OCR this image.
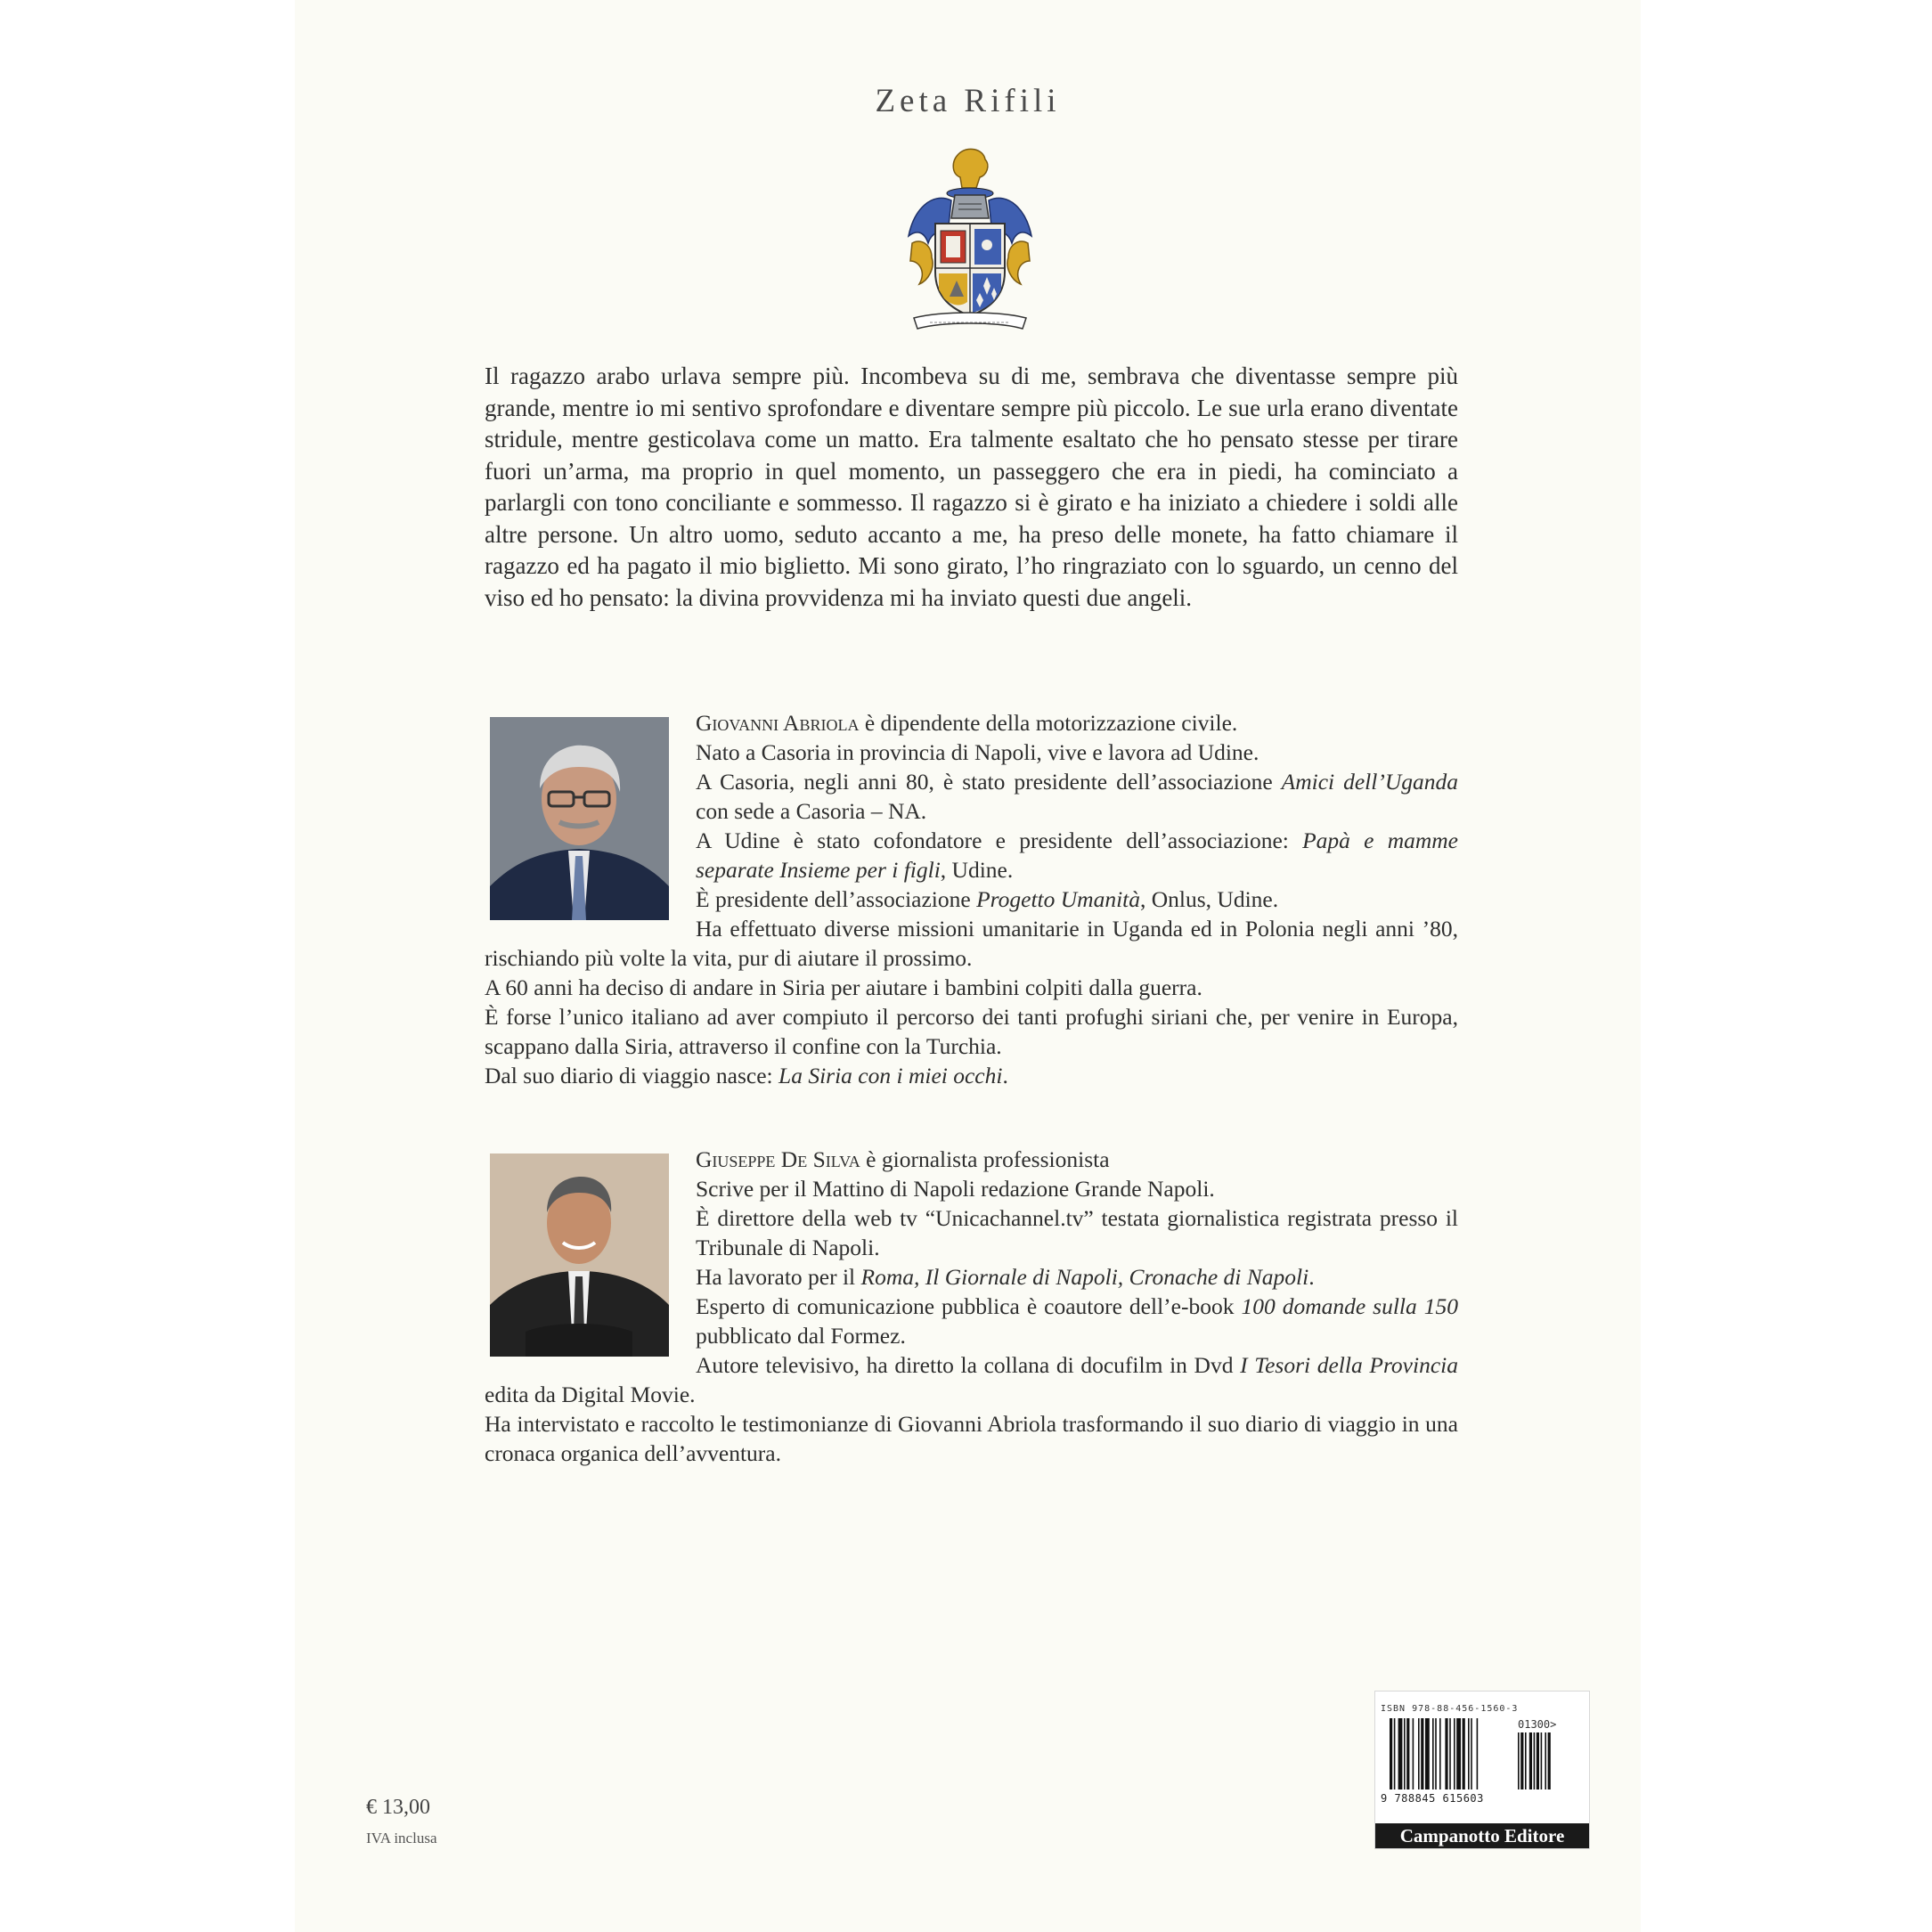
Zeta Rifili
Il ragazzo arabo urlava sempre più. Incombeva su di me, sembrava che diventasse sempre più grande, mentre io mi sentivo sprofondare e diventare sempre più piccolo. Le sue urla erano diventate stridule, mentre gesticolava come un matto. Era talmente esaltato che ho pensato stesse per tirare fuori un’arma, ma proprio in quel momento, un passeggero che era in piedi, ha cominciato a parlargli con tono conciliante e sommesso. Il ragazzo si è girato e ha iniziato a chiedere i soldi alle altre persone. Un altro uomo, seduto accanto a me, ha preso delle monete, ha fatto chiamare il ragazzo ed ha pagato il mio biglietto. Mi sono girato, l’ho ringraziato con lo sguardo, un cenno del viso ed ho pensato: la divina provvidenza mi ha inviato questi due angeli.

Giovanni Abriola è dipendente della motorizzazione civile.
Nato a Casoria in provincia di Napoli, vive e lavora ad Udine.
A Casoria, negli anni 80, è stato presidente dell’associazione Amici dell’Uganda con sede a Casoria – NA.
A Udine è stato cofondatore e presidente dell’associazione: Papà e mamme separate Insieme per i figli, Udine.
È presidente dell’associazione Progetto Umanità, Onlus, Udine.
Ha effettuato diverse missioni umanitarie in Uganda ed in Polonia negli anni ’80, rischiando più volte la vita, pur di aiutare il prossimo.
A 60 anni ha deciso di andare in Siria per aiutare i bambini colpiti dalla guerra.
È forse l’unico italiano ad aver compiuto il percorso dei tanti profughi siriani che, per venire in Europa, scappano dalla Siria, attraverso il confine con la Turchia.
Dal suo diario di viaggio nasce: La Siria con i miei occhi.

Giuseppe De Silva è giornalista professionista
Scrive per il Mattino di Napoli redazione Grande Napoli.
È direttore della web tv “Unicachannel.tv” testata giornalistica registrata presso il Tribunale di Napoli.
Ha lavorato per il Roma, Il Giornale di Napoli, Cronache di Napoli.
Esperto di comunicazione pubblica è coautore dell’e-book 100 domande sulla 150 pubblicato dal Formez.
Autore televisivo, ha diretto la collana di docufilm in Dvd I Tesori della Provincia edita da Digital Movie.
Ha intervistato e raccolto le testimonianze di Giovanni Abriola trasformando il suo diario di viaggio in una cronaca organica dell’avventura.

€ 13,00
IVA inclusa
ISBN 978-88-456-1560-3
01300>
9 788845 615603
Campanotto Editore
